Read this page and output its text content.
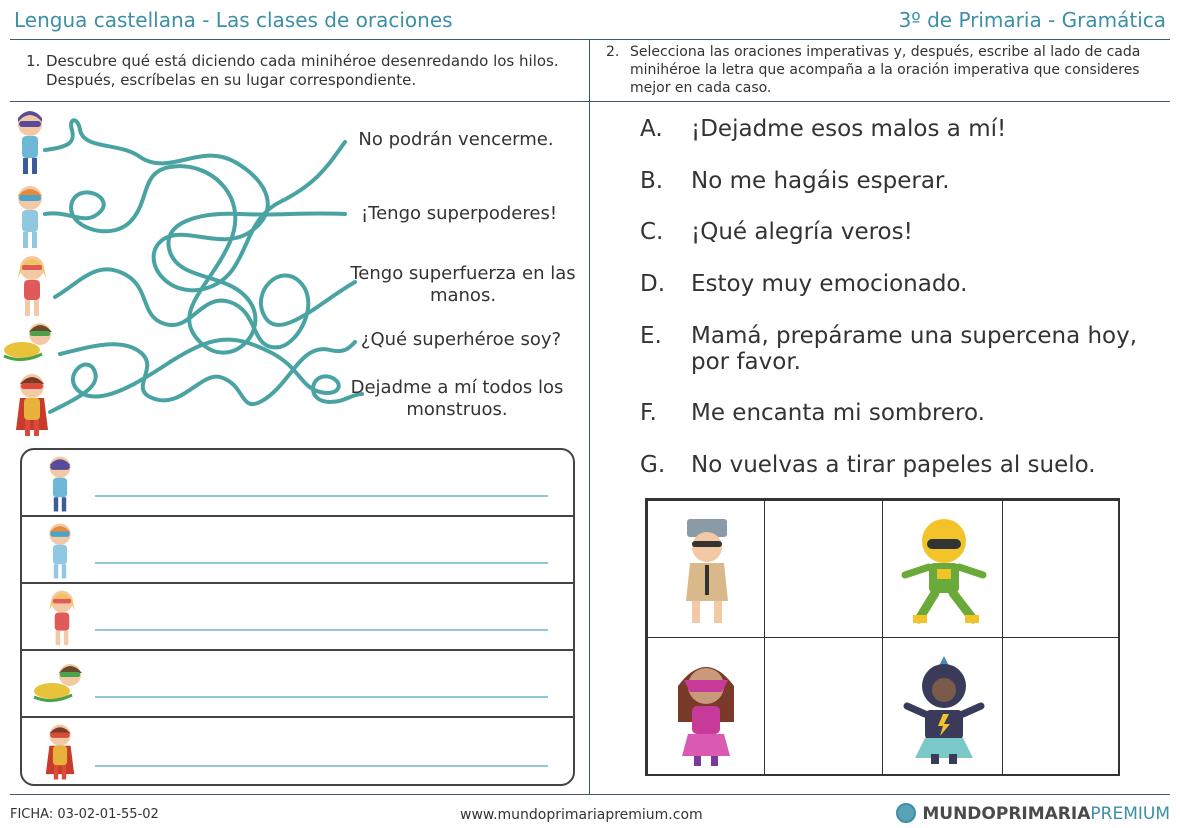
Lengua castellana - Las clases de oraciones	3º de Primaria - Gramática
1. Descubre qué está diciendo cada minihéroe desenredando los hilos. Después, escríbelas en su lugar correspondiente.
2. Selecciona las oraciones imperativas y, después, escribe al lado de cada minihéroe la letra que acompaña a la oración imperativa que consideres mejor en cada caso.
No podrán vencerme.
¡Tengo superpoderes!
Tengo superfuerza en las manos.
¿Qué superhéroe soy?
Dejadme a mí todos los monstruos.
A.	¡Dejadme esos malos a mí!
B.	No me hagáis esperar.
C.	¡Qué alegría veros!
D.	Estoy muy emocionado.
E.	Mamá, prepárame una supercena hoy, por favor.
F.	Me encanta mi sombrero.
G.	No vuelvas a tirar papeles al suelo.
FICHA: 03-02-01-55-02	www.mundoprimariapremium.com	MUNDOPRIMARIAPREMIUM
